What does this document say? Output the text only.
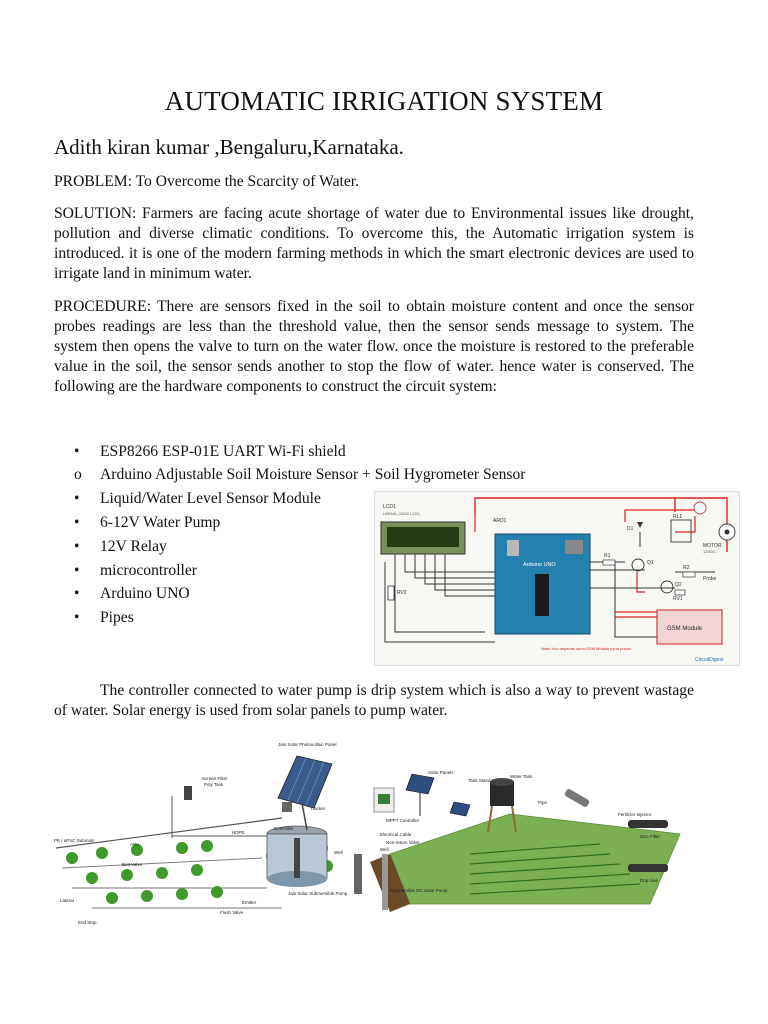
AUTOMATIC IRRIGATION SYSTEM
Adith kiran kumar ,Bengaluru,Karnataka.
PROBLEM: To Overcome the Scarcity of Water.
SOLUTION: Farmers are facing acute shortage of water due to Environmental issues like drought, pollution and diverse climatic conditions. To overcome this, the Automatic irrigation system is introduced. it is one of the modern farming methods in which the smart electronic devices are used to irrigate land in minimum water.
PROCEDURE: There are sensors fixed in the soil to obtain moisture content and once the sensor probes readings are less than the threshold value, then the sensor sends message to system. The system then opens the valve to turn on the water flow. once the moisture is restored to the preferable value in the soil, the sensor sends another to stop the flow of water. hence water is conserved. The following are the hardware components to construct the circuit system:
• ESP8266 ESP-01E UART Wi-Fi shield
o Arduino Adjustable Soil Moisture Sensor + Soil Hygrometer Sensor
• Liquid/Water Level Sensor Module
• 6-12V Water Pump
• 12V Relay
• microcontroller
• Arduino UNO
• Pipes
LCD1
LM016L (16X2 LCD)
RV2
ARD1
Arduino UNO
D1
Q1
Q2
R1
R2
RV1
Probe
RL1
MOTOR
12VDC
GSM Module
Note: Vcc depends upon GSM Module input power
CircuitDigest
The controller connected to water pump is drip system which is also a way to prevent wastage of water. Solar energy is used from solar panels to pump water.
Jain Solar Photovoltaic Panel
Screen Filter
Poly Tank
Tracker
Controller
Well
Jain Solar Submersible Pump
HDPE
ARV
PE / uPVC Submain
Butt Valve
Flush Valve
Emitter
Lateral
End Stop
Solar Panels
Tank Stand
Water Tank
Pipe
MPPT Controller
Electrical Cable
Non-return Valve
Well
Submersible DC Solar Pump
Fertilizer Injector
Disc Filter
Drip Line
